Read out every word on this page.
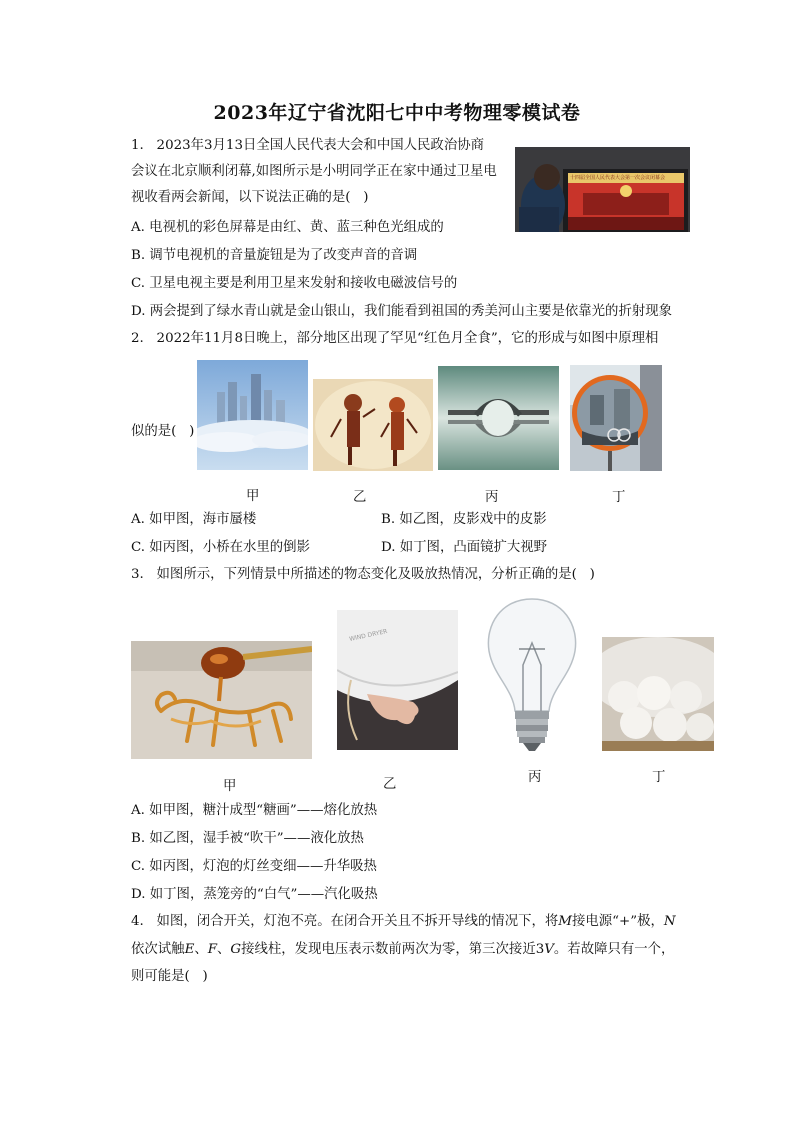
2023年辽宁省沈阳七中中考物理零模试卷
1.   2023年3月13日全国人民代表大会和中国人民政治协商
会议在北京顺利闭幕,如图所示是小明同学正在家中通过卫星电
视收看两会新闻，以下说法正确的是(   )
十四届全国人民代表大会第一次会议闭幕会
A. 电视机的彩色屏幕是由红、黄、蓝三种色光组成的
B. 调节电视机的音量旋钮是为了改变声音的音调
C. 卫星电视主要是利用卫星来发射和接收电磁波信号的
D. 两会提到了绿水青山就是金山银山，我们能看到祖国的秀美河山主要是依靠光的折射现象
2.   2022年11月8日晚上，部分地区出现了罕见“红色月全食”，它的形成与如图中原理相
似的是(   )
甲	乙	丙	丁
A. 如甲图，海市蜃楼	B. 如乙图，皮影戏中的皮影
C. 如丙图，小桥在水里的倒影	D. 如丁图，凸面镜扩大视野
3.   如图所示，下列情景中所描述的物态变化及吸放热情况，分析正确的是(   )
WIND DRYER
甲	乙	丙	丁
A. 如甲图，糖汁成型“糖画”——熔化放热
B. 如乙图，湿手被“吹干”——液化放热
C. 如丙图，灯泡的灯丝变细——升华吸热
D. 如丁图，蒸笼旁的“白气”——汽化吸热
4.   如图，闭合开关，灯泡不亮。在闭合开关且不拆开导线的情况下，将M接电源“+”极，N
依次试触E、F、G接线柱，发现电压表示数前两次为零，第三次接近3V。若故障只有一个，
则可能是(   )
